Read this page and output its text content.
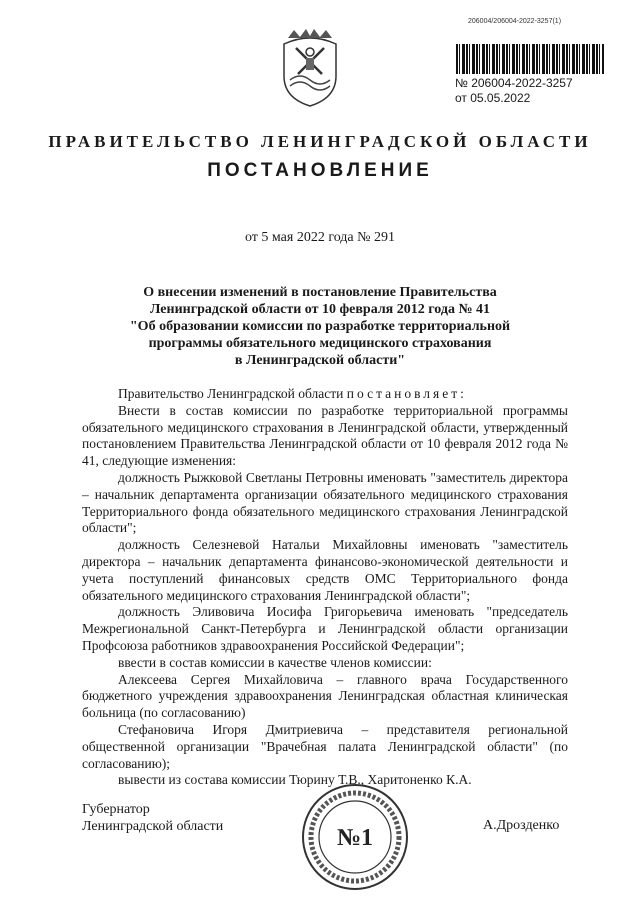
206004/206004-2022-3257(1)
№ 206004-2022-3257
от 05.05.2022
ПРАВИТЕЛЬСТВО ЛЕНИНГРАДСКОЙ ОБЛАСТИ
ПОСТАНОВЛЕНИЕ
от 5 мая 2022 года № 291
О внесении изменений в постановление Правительства
Ленинградской области от 10 февраля 2012 года № 41
"Об образовании комиссии по разработке территориальной
программы обязательного медицинского страхования
в Ленинградской области"

Правительство Ленинградской области постановляет:

Внести в состав комиссии по разработке территориальной программы обязательного медицинского страхования в Ленинградской области, утвержденный постановлением Правительства Ленинградской области от 10 февраля 2012 года № 41, следующие изменения:

должность Рыжковой Светланы Петровны именовать "заместитель директора – начальник департамента организации обязательного медицинского страхования Территориального фонда обязательного медицинского страхования Ленинградской области";

должность Селезневой Натальи Михайловны именовать "заместитель директора – начальник департамента финансово-экономической деятельности и учета поступлений финансовых средств ОМС Территориального фонда обязательного медицинского страхования Ленинградской области";

должность Эливовича Иосифа Григорьевича именовать "председатель Межрегиональной Санкт-Петербурга и Ленинградской области организации Профсоюза работников здравоохранения Российской Федерации";

ввести в состав комиссии в качестве членов комиссии:

Алексеева Сергея Михайловича – главного врача Государственного бюджетного учреждения здравоохранения Ленинградская областная клиническая больница (по согласованию)

Стефановича Игоря Дмитриевича – представителя региональной общественной организации "Врачебная палата Ленинградской области" (по согласованию);

вывести из состава комиссии Тюрину Т.В., Харитоненко К.А.

Губернатор
Ленинградской области	№1	А.Дрозденко
